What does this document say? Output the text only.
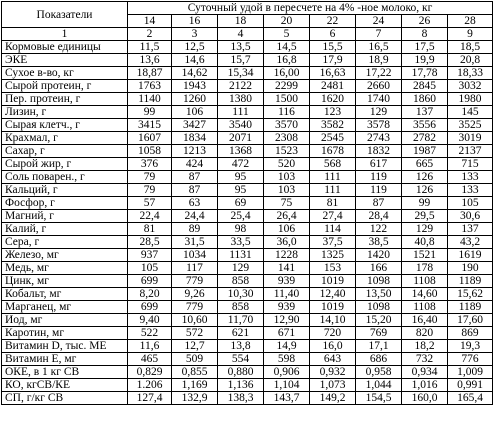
Показатели	Суточный удой в пересчете на 4% -ное молоко, кг							
	14	16	18	20	22	24	26	28
1	2	3	4	5	6	7	8	9
Кормовые единицы	11,5	12,5	13,5	14,5	15,5	16,5	17,5	18,5
ЭКЕ	13,6	14,6	15,7	16,8	17,9	18,9	19,9	20,8
Сухое в-во, кг	18,87	14,62	15,34	16,00	16,63	17,22	17,78	18,33
Сырой протеин, г	1763	1943	2122	2299	2481	2660	2845	3032
Пер. протеин, г	1140	1260	1380	1500	1620	1740	1860	1980
Лизин, г	99	106	111	116	123	129	137	145
Сырая клетч., г	3415	3427	3540	3570	3582	3578	3556	3525
Крахмал, г	1607	1834	2071	2308	2545	2743	2782	3019
Сахар, г	1058	1213	1368	1523	1678	1832	1987	2137
Сырой жир, г	376	424	472	520	568	617	665	715
Соль поварен., г	79	87	95	103	111	119	126	133
Кальций, г	79	87	95	103	111	119	126	133
Фосфор, г	57	63	69	75	81	87	99	105
Магний, г	22,4	24,4	25,4	26,4	27,4	28,4	29,5	30,6
Калий, г	81	89	98	106	114	122	129	137
Сера, г	28,5	31,5	33,5	36,0	37,5	38,5	40,8	43,2
Железо, мг	937	1034	1131	1228	1325	1420	1521	1619
Медь, мг	105	117	129	141	153	166	178	190
Цинк, мг	699	779	858	939	1019	1098	1108	1189
Кобальт, мг	8,20	9,26	10,30	11,40	12,40	13,50	14,60	15,62
Марганец, мг	699	779	858	939	1019	1098	1108	1189
Иод, мг	9,40	10,60	11,70	12,90	14,10	15,20	16,40	17,60
Каротин, мг	522	572	621	671	720	769	820	869
Витамин D, тыс. МЕ	11,6	12,7	13,8	14,9	16,0	17,1	18,2	19,3
Витамин Е, мг	465	509	554	598	643	686	732	776
ОКЕ, в 1 кг СВ	0,829	0,855	0,880	0,906	0,932	0,958	0,934	1,009
КО, кгСВ/КЕ	1.206	1,169	1,136	1,104	1,073	1,044	1,016	0,991
СП, г/кг СВ	127,4	132,9	138,3	143,7	149,2	154,5	160,0	165,4
